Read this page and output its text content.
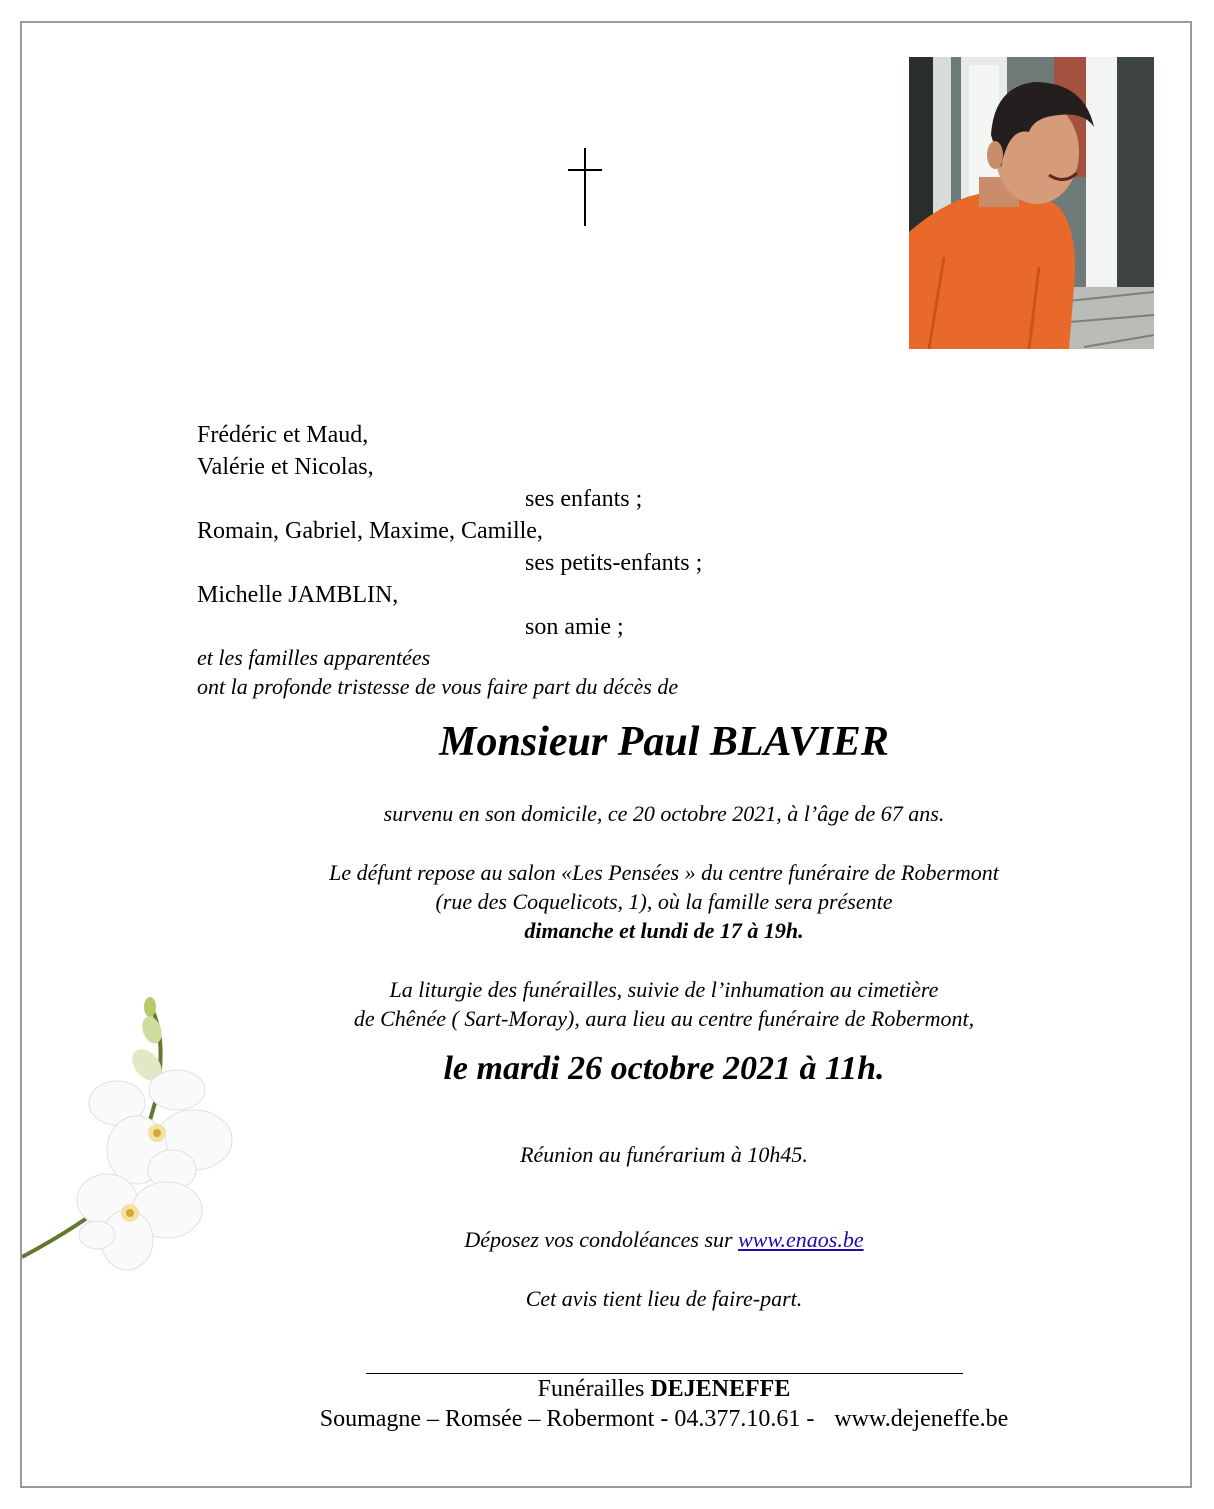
Frédéric et Maud,
Valérie et Nicolas,
ses enfants ;
Romain, Gabriel, Maxime, Camille,
ses petits-enfants ;
Michelle JAMBLIN,
son amie ;
et les familles apparentées
ont la profonde tristesse de vous faire part du décès de
Monsieur Paul BLAVIER
survenu en son domicile, ce 20 octobre 2021, à l’âge de 67 ans.
Le défunt repose au salon «Les Pensées » du centre funéraire de Robermont
(rue des Coquelicots, 1), où la famille sera présente
dimanche et lundi de 17 à 19h.
La liturgie des funérailles, suivie de l’inhumation au cimetière
de Chênée ( Sart-Moray), aura lieu au centre funéraire de Robermont,
le mardi 26 octobre 2021 à 11h.
Réunion au funérarium à 10h45.
Déposez vos condoléances sur www.enaos.be
Cet avis tient lieu de faire-part.
Funérailles DEJENEFFE
Soumagne – Romsée – Robermont - 04.377.10.61 - www.dejeneffe.be
